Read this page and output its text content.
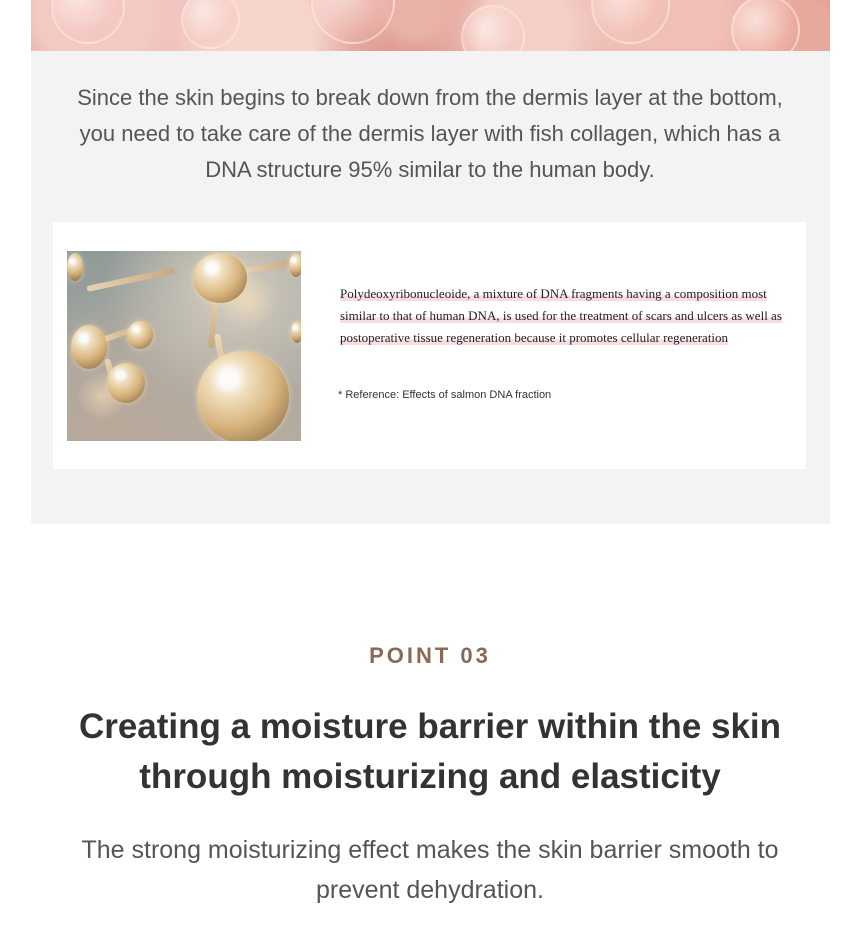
Since the skin begins to break down from the dermis layer at the bottom, you need to take care of the dermis layer with fish collagen, which has a DNA structure 95% similar to the human body.

Polydeoxyribonucleoide, a mixture of DNA fragments having a composition most similar to that of human DNA, is used for the treatment of scars and ulcers as well as postoperative tissue regeneration because it promotes cellular regeneration

* Reference: Effects of salmon DNA fraction

POINT 03

Creating a moisture barrier within the skin through moisturizing and elasticity

The strong moisturizing effect makes the skin barrier smooth to prevent dehydration.
